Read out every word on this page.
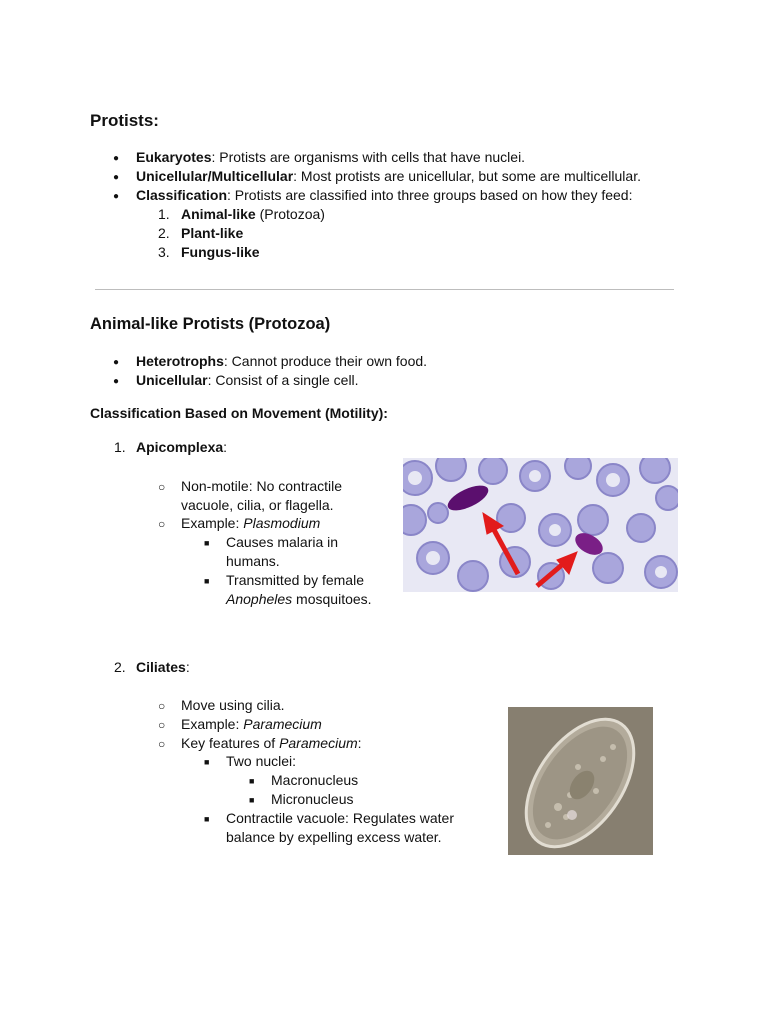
Protists:
●
Eukaryotes: Protists are organisms with cells that have nuclei.
●
Unicellular/Multicellular: Most protists are unicellular, but some are multicellular.
●
Classification: Protists are classified into three groups based on how they feed:
1. Animal-like (Protozoa)
2. Plant-like
3. Fungus-like
Animal-like Protists (Protozoa)
●
Heterotrophs: Cannot produce their own food.
●
Unicellular: Consist of a single cell.
Classification Based on Movement (Motility):
1. Apicomplexa:
○
Non-motile: No contractile
vacuole, cilia, or flagella.
○
Example: Plasmodium
■
Causes malaria in
humans.
■
Transmitted by female
Anopheles mosquitoes.
2. Ciliates:
○
Move using cilia.
○
Example: Paramecium
○
Key features of Paramecium:
■
Two nuclei:
■
Macronucleus
■
Micronucleus
■
Contractile vacuole: Regulates water
balance by expelling excess water.
